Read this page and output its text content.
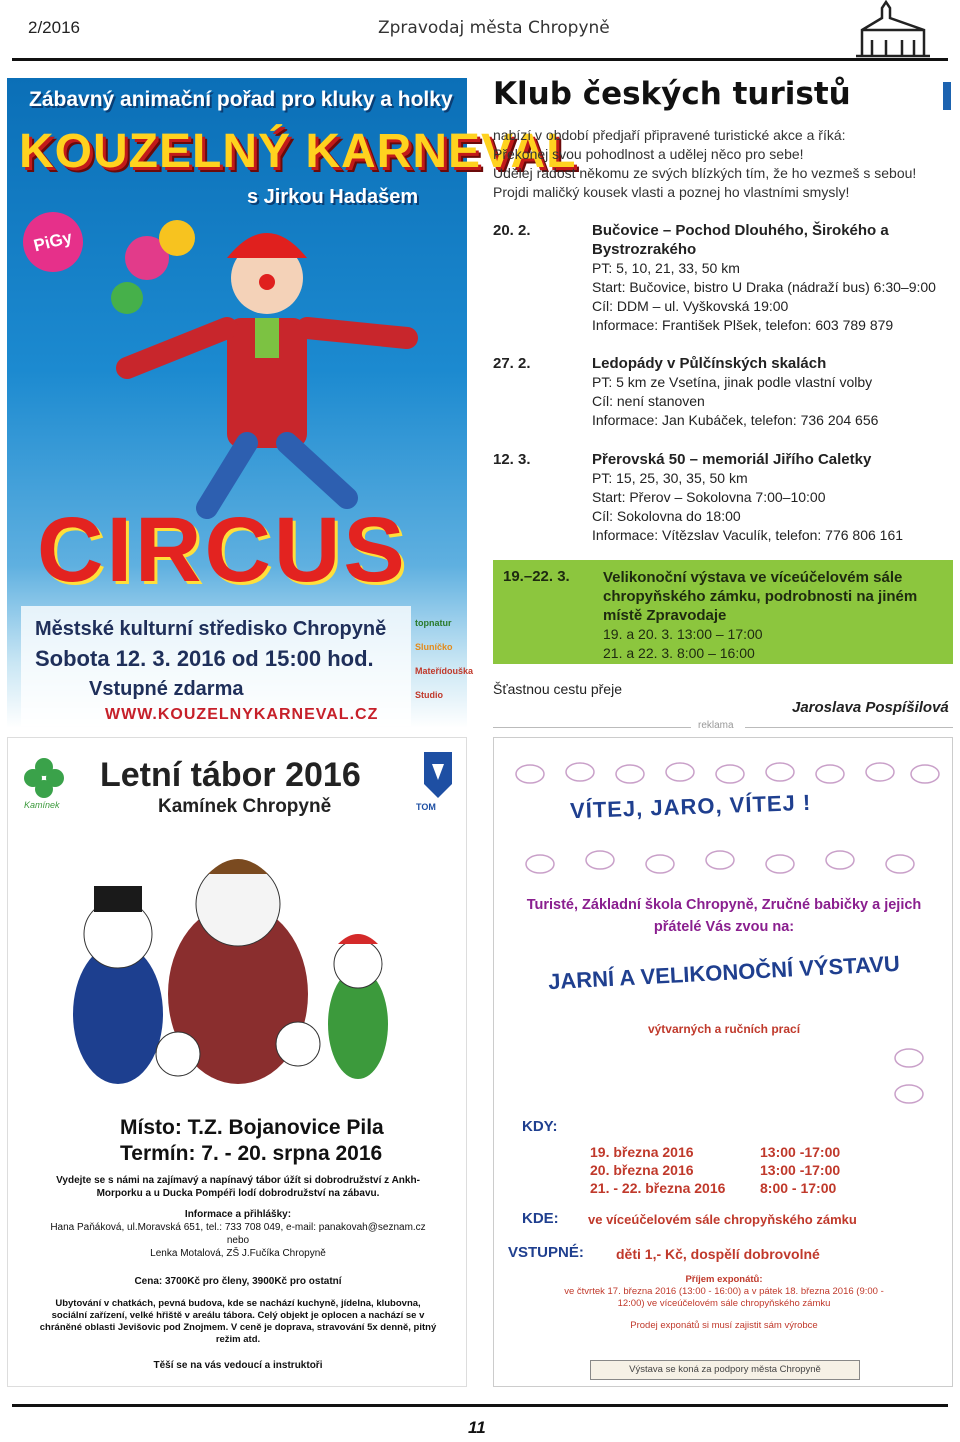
2/2016	Zpravodaj města Chropyně
Zábavný animační pořad pro kluky a holky
KOUZELNÝ KARNEVAL
s Jirkou Hadašem
PiGy
CIRCUS
Městské kulturní středisko Chropyně
Sobota 12. 3. 2016 od 15:00 hod.
Vstupné zdarma
WWW.KOUZELNYKARNEVAL.CZ
topnatur
Sluníčko
Mateřídouška
Studio
Klub českých turistů
nabízí v období předjaří připravené turistické akce a říká:
Překonej svou pohodlnost a udělej něco pro sebe!
Udělej radost někomu ze svých blízkých tím, že ho vezmeš s sebou!
Projdi maličký kousek vlasti a poznej ho vlastními smysly!
20. 2.	Bučovice – Pochod Dlouhého, Širokého a Bystrozrakého
PT: 5, 10, 21, 33, 50 km
Start: Bučovice, bistro U Draka (nádraží bus) 6:30–9:00
Cíl: DDM – ul. Vyškovská 19:00
Informace: František Plšek, telefon: 603 789 879
27. 2.	Ledopády v Půlčínských skalách
PT: 5 km ze Vsetína, jinak podle vlastní volby
Cíl: není stanoven
Informace: Jan Kubáček, telefon: 736 204 656
12. 3.	Přerovská 50 – memoriál Jiřího Caletky
PT: 15, 25, 30, 35, 50 km
Start: Přerov – Sokolovna 7:00–10:00
Cíl: Sokolovna do 18:00
Informace: Vítězslav Vaculík, telefon: 776 806 161
19.–22. 3. Velikonoční výstava ve víceúčelovém sále chropyňského zámku, podrobnosti na jiném místě Zpravodaje
19. a 20. 3. 13:00 – 17:00
21. a 22. 3. 8:00 – 16:00
Šťastnou cestu přeje
Jaroslava Pospíšilová
reklama
Kamínek
Letní tábor 2016
Kamínek Chropyně	TOM
Místo: T.Z. Bojanovice Pila
Termín: 7. - 20. srpna 2016
Vydejte se s námi na zajímavý a napínavý tábor úžít si dobrodružství z Ankh-Morporku a u Ducka Pompéři lodí dobrodružství na zábavu.
Informace a přihlášky:
Hana Paňáková, ul.Moravská 651, tel.: 733 708 049, e-mail: panakovah@seznam.cz
nebo
Lenka Motalová, ZŠ J.Fučíka Chropyně
Cena: 3700Kč pro členy, 3900Kč pro ostatní
Ubytování v chatkách, pevná budova, kde se nachází kuchyně, jídelna, klubovna, sociální zařízení, velké hřiště v areálu tábora. Celý objekt je oplocen a nachází se v chráněné oblasti Jevišovic pod Znojmem. V ceně je doprava, stravování 5x denně, pitný režim atd.
Těší se na vás vedoucí a instruktoři
VÍTEJ, JARO, VÍTEJ !
Turisté, Základní škola Chropyně, Zručné babičky a jejich přátelé Vás zvou na:
JARNÍ A VELIKONOČNÍ VÝSTAVU
výtvarných a ručních prací
KDY:
19. března 2016	13:00 -17:00
20. března 2016	13:00 -17:00
21. - 22. března 2016 8:00 - 17:00
KDE: ve víceúčelovém sále chropyňského zámku
VSTUPNÉ: děti 1,- Kč, dospělí dobrovolné
Příjem exponátů:
ve čtvrtek 17. března 2016 (13:00 - 16:00) a v pátek 18. března 2016 (9:00 - 12:00) ve víceúčelovém sále chropyňského zámku
Prodej exponátů si musí zajistit sám výrobce
Výstava se koná za podpory města Chropyně
11
